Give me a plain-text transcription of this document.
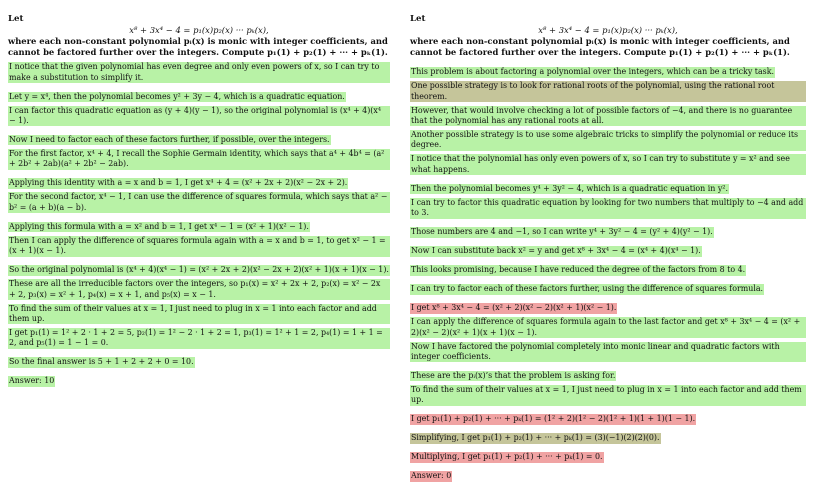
Let
x⁸ + 3x⁴ − 4 = p₁(x)p₂(x) ··· pₖ(x),
where each non-constant polynomial pᵢ(x) is monic with integer coefficients, and cannot be factored further over the integers. Compute p₁(1) + p₂(1) + ··· + pₖ(1).
I notice that the given polynomial has even degree and only even powers of x, so I can try to make a substitution to simplify it.
Let y = x⁴, then the polynomial becomes y² + 3y − 4, which is a quadratic equation.
I can factor this quadratic equation as (y + 4)(y − 1), so the original polynomial is (x⁴ + 4)(x⁴ − 1).
Now I need to factor each of these factors further, if possible, over the integers.
For the first factor, x⁴ + 4, I recall the Sophie Germain identity, which says that a⁴ + 4b⁴ = (a² + 2b² + 2ab)(a² + 2b² − 2ab).
Applying this identity with a = x and b = 1, I get x⁴ + 4 = (x² + 2x + 2)(x² − 2x + 2).
For the second factor, x⁴ − 1, I can use the difference of squares formula, which says that a² − b² = (a + b)(a − b).
Applying this formula with a = x² and b = 1, I get x⁴ − 1 = (x² + 1)(x² − 1).
Then I can apply the difference of squares formula again with a = x and b = 1, to get x² − 1 = (x + 1)(x − 1).
So the original polynomial is (x⁴ + 4)(x⁴ − 1) = (x² + 2x + 2)(x² − 2x + 2)(x² + 1)(x + 1)(x − 1).
These are all the irreducible factors over the integers, so p₁(x) = x² + 2x + 2, p₂(x) = x² − 2x + 2, p₃(x) = x² + 1, p₄(x) = x + 1, and p₅(x) = x − 1.
To find the sum of their values at x = 1, I just need to plug in x = 1 into each factor and add them up.
I get p₁(1) = 1² + 2 · 1 + 2 = 5, p₂(1) = 1² − 2 · 1 + 2 = 1, p₃(1) = 1² + 1 = 2, p₄(1) = 1 + 1 = 2, and p₅(1) = 1 − 1 = 0.
So the final answer is 5 + 1 + 2 + 2 + 0 = 10.
Answer: 10
Let
x⁸ + 3x⁴ − 4 = p₁(x)p₂(x) ··· pₖ(x),
where each non-constant polynomial pᵢ(x) is monic with integer coefficients, and cannot be factored further over the integers. Compute p₁(1) + p₂(1) + ··· + pₖ(1).
This problem is about factoring a polynomial over the integers, which can be a tricky task.
One possible strategy is to look for rational roots of the polynomial, using the rational root theorem.
However, that would involve checking a lot of possible factors of −4, and there is no guarantee that the polynomial has any rational roots at all.
Another possible strategy is to use some algebraic tricks to simplify the polynomial or reduce its degree.
I notice that the polynomial has only even powers of x, so I can try to substitute y = x² and see what happens.
Then the polynomial becomes y⁴ + 3y² − 4, which is a quadratic equation in y².
I can try to factor this quadratic equation by looking for two numbers that multiply to −4 and add to 3.
Those numbers are 4 and −1, so I can write y⁴ + 3y² − 4 = (y² + 4)(y² − 1).
Now I can substitute back x² = y and get x⁸ + 3x⁴ − 4 = (x⁴ + 4)(x⁴ − 1).
This looks promising, because I have reduced the degree of the factors from 8 to 4.
I can try to factor each of these factors further, using the difference of squares formula.
I get x⁸ + 3x⁴ − 4 = (x² + 2)(x² − 2)(x² + 1)(x² − 1).
I can apply the difference of squares formula again to the last factor and get x⁸ + 3x⁴ − 4 = (x² + 2)(x² − 2)(x² + 1)(x + 1)(x − 1).
Now I have factored the polynomial completely into monic linear and quadratic factors with integer coefficients.
These are the pᵢ(x)’s that the problem is asking for.
To find the sum of their values at x = 1, I just need to plug in x = 1 into each factor and add them up.
I get p₁(1) + p₂(1) + ··· + pₖ(1) = (1² + 2)(1² − 2)(1² + 1)(1 + 1)(1 − 1).
Simplifying, I get p₁(1) + p₂(1) + ··· + pₖ(1) = (3)(−1)(2)(2)(0).
Multiplying, I get p₁(1) + p₂(1) + ··· + pₖ(1) = 0.
Answer: 0
